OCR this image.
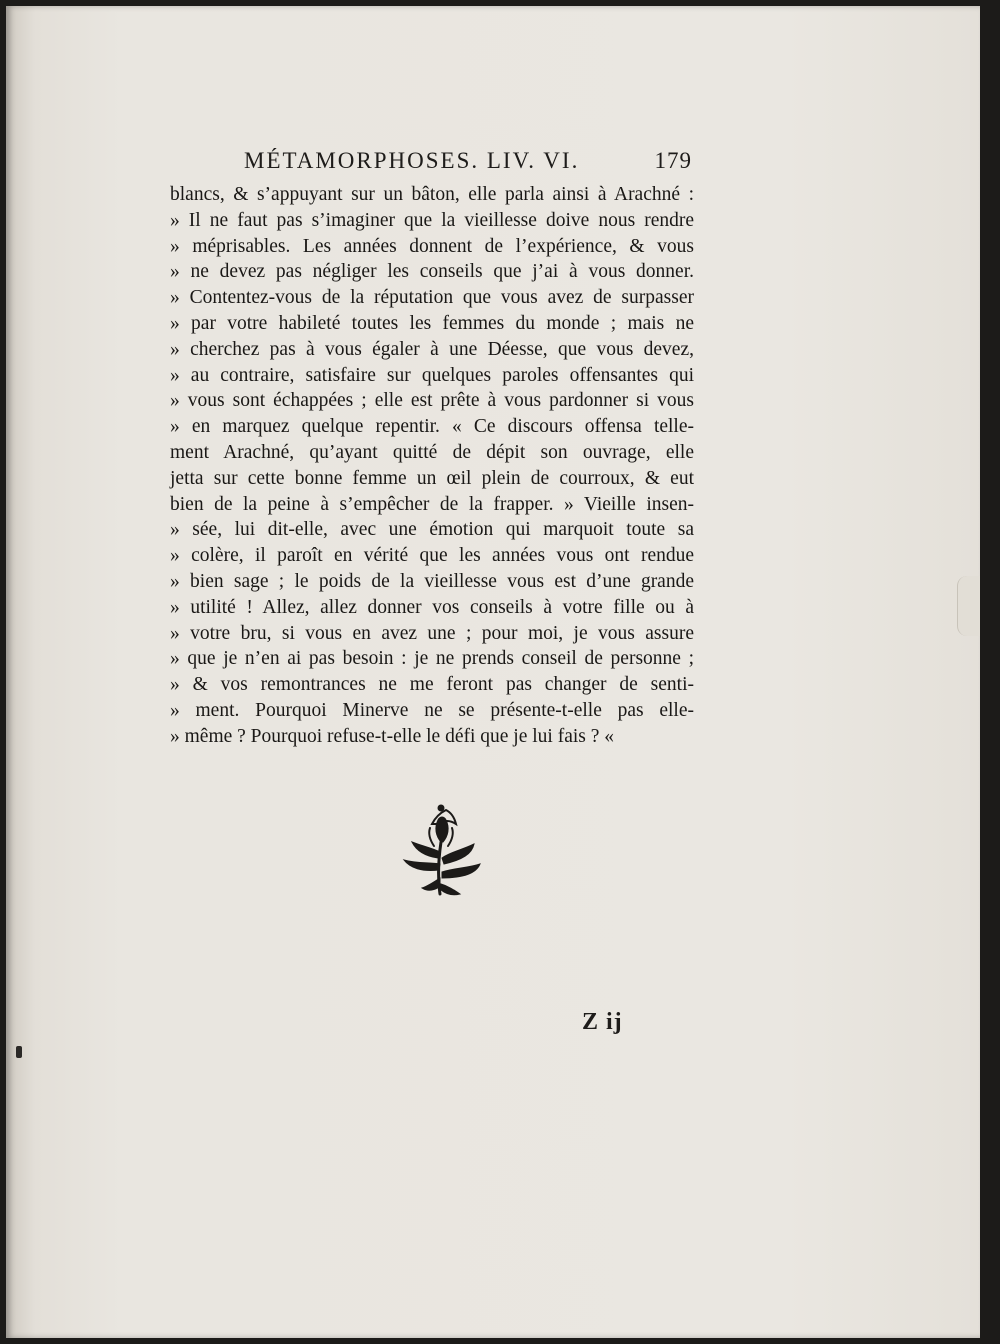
MÉTAMORPHOSES. LIV. VI.	179
blancs, & s’appuyant sur un bâton, elle parla ainsi à Arachné :
» Il ne faut pas s’imaginer que la vieillesse doive nous rendre
» méprisables. Les années donnent de l’expérience, & vous
» ne devez pas négliger les conseils que j’ai à vous donner.
» Contentez-vous de la réputation que vous avez de surpasser
» par votre habileté toutes les femmes du monde ; mais ne
» cherchez pas à vous égaler à une Déesse, que vous devez,
» au contraire, satisfaire sur quelques paroles offensantes qui
» vous sont échappées ; elle est prête à vous pardonner si vous
» en marquez quelque repentir. « Ce discours offensa telle-
ment Arachné, qu’ayant quitté de dépit son ouvrage, elle
jetta sur cette bonne femme un œil plein de courroux, & eut
bien de la peine à s’empêcher de la frapper. » Vieille insen-
» sée, lui dit-elle, avec une émotion qui marquoit toute sa
» colère, il paroît en vérité que les années vous ont rendue
» bien sage ; le poids de la vieillesse vous est d’une grande
» utilité ! Allez, allez donner vos conseils à votre fille ou à
» votre bru, si vous en avez une ; pour moi, je vous assure
» que je n’en ai pas besoin : je ne prends conseil de personne ;
» & vos remontrances ne me feront pas changer de senti-
» ment. Pourquoi Minerve ne se présente-t-elle pas elle-
» même ? Pourquoi refuse-t-elle le défi que je lui fais ? «
Z ij
